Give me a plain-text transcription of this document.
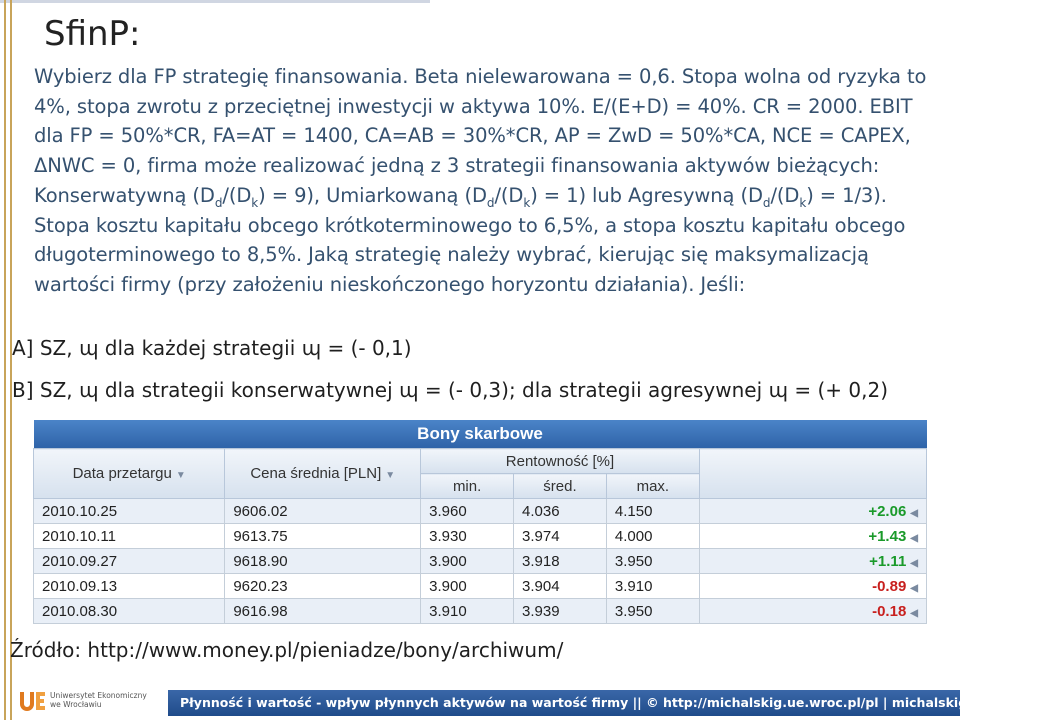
SfinP:
Wybierz dla FP strategię finansowania. Beta nielewarowana = 0,6. Stopa wolna od ryzyka to 4%, stopa zwrotu z przeciętnej inwestycji w aktywa 10%. E/(E+D) = 40%. CR = 2000. EBIT dla FP = 50%*CR, FA=AT = 1400, CA=AB = 30%*CR, AP = ZwD = 50%*CA, NCE = CAPEX, ΔNWC = 0, firma może realizować jedną z 3 strategii finansowania aktywów bieżących: Konserwatywną $(D_d/(D_k) = 9)$, Umiarkowaną $(D_d/(D_k) = 1)$ lub Agresywną $(D_d/(D_k) = 1/3)$. Stopa kosztu kapitału obcego krótkoterminowego to 6,5%, a stopa kosztu kapitału obcego długoterminowego to 8,5%. Jaką strategię należy wybrać, kierując się maksymalizacją wartości firmy (przy założeniu nieskończonego horyzontu działania). Jeśli:
A] SZ, ɰ dla każdej strategii ɰ = (- 0,1)
B] SZ, ɰ dla strategii konserwatywnej ɰ = (- 0,3); dla strategii agresywnej ɰ = (+ 0,2)
Bony skarbowe					
Data przetargu ▼	Cena średnia [PLN] ▼	Rentowność [%]			
		min.	śred.	max.	
2010.10.25	9606.02	3.960	4.036	4.150	+2.06 ◀
2010.10.11	9613.75	3.930	3.974	4.000	+1.43 ◀
2010.09.27	9618.90	3.900	3.918	3.950	+1.11 ◀
2010.09.13	9620.23	3.900	3.904	3.910	-0.89 ◀
2010.08.30	9616.98	3.910	3.939	3.950	-0.18 ◀
Źródło: http://www.money.pl/pieniadze/bony/archiwum/
Uniwersytet Ekonomiczny
we Wrocławiu	Płynność i wartość - wpływ płynnych aktywów na wartość firmy || © http://michalskig.ue.wroc.pl/pl | michalskig@ue.wroc.pl
